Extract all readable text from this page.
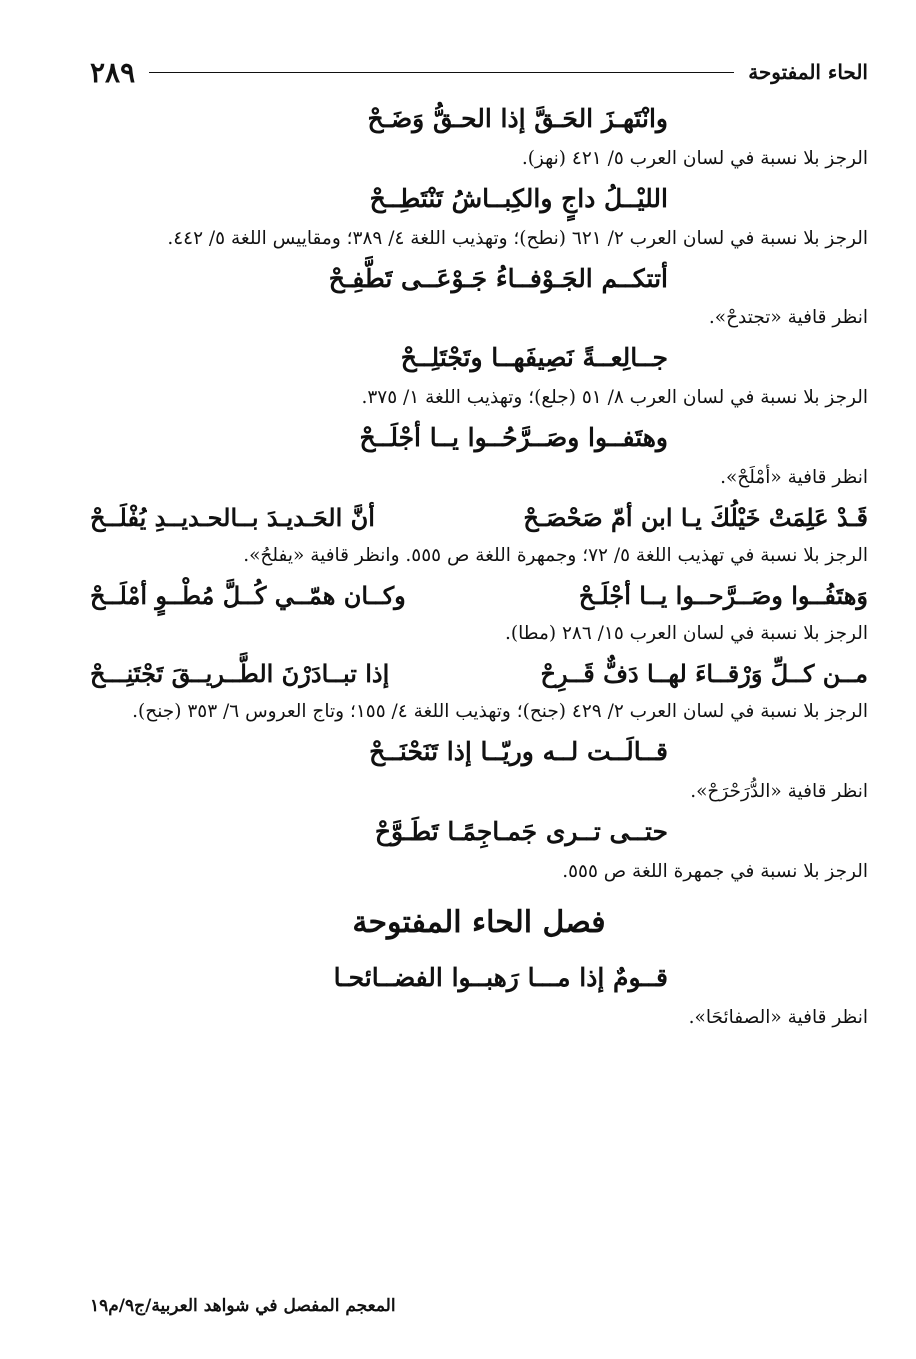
الحاء المفتوحة
٢٨٩
وانْتَهـزَ الحَـقَّ إذا الحـقُّ وَضَـحْ
الرجز بلا نسبة في لسان العرب ٥/ ٤٢١ (نهز).
الليْــلُ داجٍ والكِبــاشُ تَنْتَطِــحْ
الرجز بلا نسبة في لسان العرب ٢/ ٦٢١ (نطح)؛ وتهذيب اللغة ٤/ ٣٨٩؛ ومقاييس اللغة ٥/ ٤٤٢.
أتتكــم الجَـوْفــاءُ جَـوْعَــى تَطَّفِـحْ
انظر قافية «تجتدحْ».
جــالِعــةً نَصِيفَهــا وتَجْتَلِــحْ
الرجز بلا نسبة في لسان العرب ٨/ ٥١ (جلع)؛ وتهذيب اللغة ١/ ٣٧٥.
وهتَفــوا وصَــرَّحُــوا يــا أجْلَــحْ
انظر قافية «أمْلَحْ».
قَـدْ عَلِمَتْ خَيْلُكَ يـا ابن أمّ صَحْصَـحْ
أنَّ الحَـديـدَ بــالحـديــدِ يُفْلَــحْ
الرجز بلا نسبة في تهذيب اللغة ٥/ ٧٢؛ وجمهرة اللغة ص ٥٥٥. وانظر قافية «يفلحُ».
وَهتَفُــوا وصَــرَّحــوا يــا أجْلَـحْ
وكــان همّــي كُــلَّ مُطْــوٍ أمْلَــحْ
الرجز بلا نسبة في لسان العرب ١٥/ ٢٨٦ (مطا).
مــن كــلِّ وَرْقــاءَ لهــا دَفٌّ قَــرِحْ
إذا تبــادَرْنَ الطَّــريــقَ تَجْتَنِـــحْ
الرجز بلا نسبة في لسان العرب ٢/ ٤٢٩ (جنح)؛ وتهذيب اللغة ٤/ ١٥٥؛ وتاج العروس ٦/ ٣٥٣ (جنح).
قــالَــت لــه وريّــا إذا تَنَحْنَــحْ
انظر قافية «الدُّرَحْرَحْ».
حتــى تــرى جَمـاجِمًـا تَطَـوَّحْ
الرجز بلا نسبة في جمهرة اللغة ص ٥٥٥.
فصل الحاء المفتوحة
قــومٌ إذا مـــا رَهبــوا الفضــائحـا
انظر قافية «الصفائحَا».
المعجم المفصل في شواهد العربية/ج٩/م١٩
